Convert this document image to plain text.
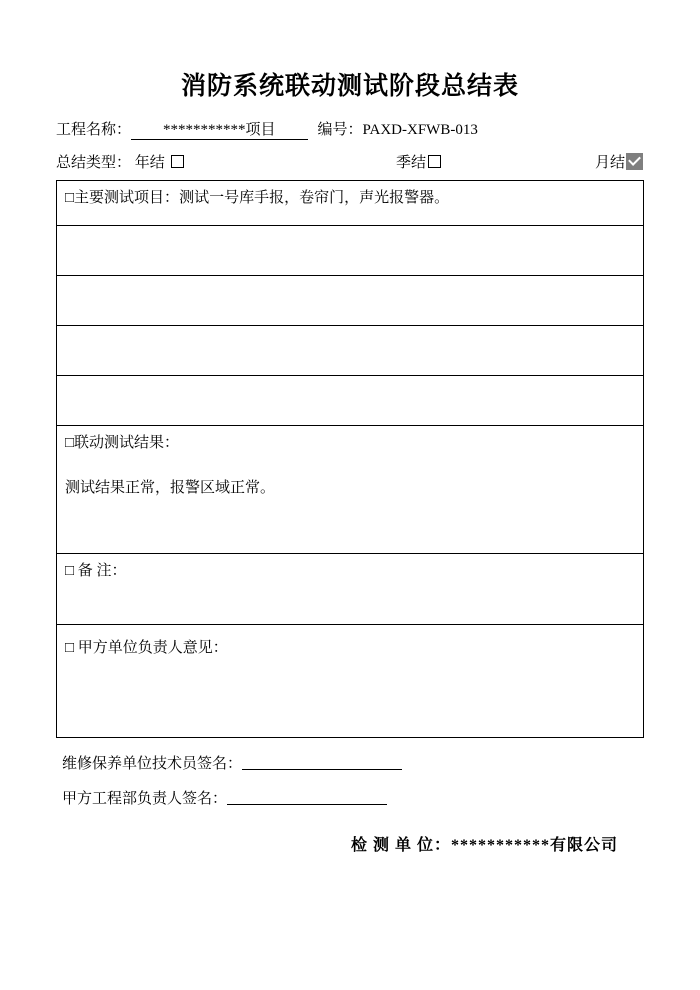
消防系统联动测试阶段总结表
工程名称：
***********项目
	编号： PAXD-XFWB-013
总结类型： 年结	季结	月结
□主要测试项目：测试一号库手报，卷帘门，声光报警器。

□联动测试结果：
测试结果正常，报警区域正常。

□ 备 注：

□ 甲方单位负责人意见：
维修保养单位技术员签名：
甲方工程部负责人签名：
检 测 单 位：***********有限公司
